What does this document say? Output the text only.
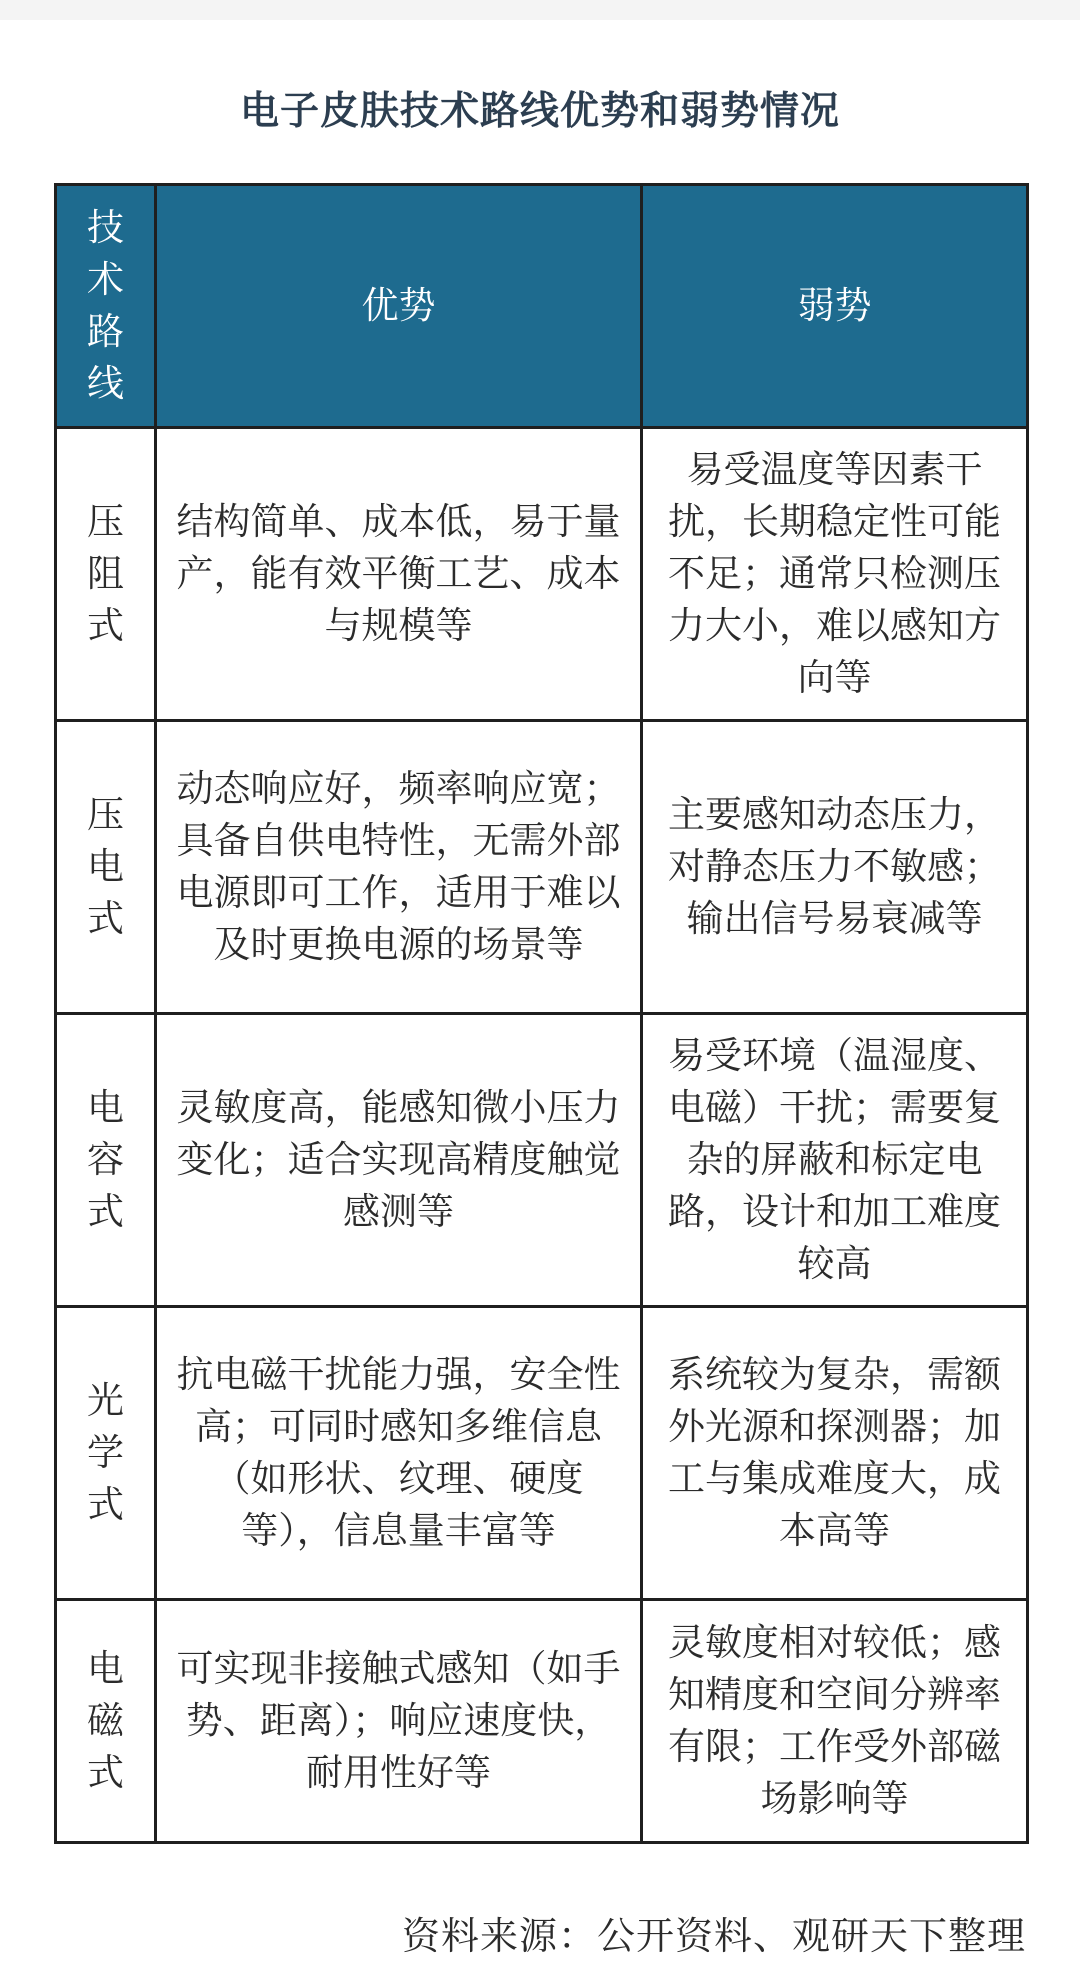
电子皮肤技术路线优势和弱势情况
技术路线	优势	弱势
压阻式	结构简单、成本低，易于量产，能有效平衡工艺、成本与规模等	易受温度等因素干扰，长期稳定性可能不足；通常只检测压力大小，难以感知方向等
压电式	动态响应好，频率响应宽；具备自供电特性，无需外部电源即可工作，适用于难以及时更换电源的场景等	主要感知动态压力，对静态压力不敏感；输出信号易衰减等
电容式	灵敏度高，能感知微小压力变化；适合实现高精度触觉感测等	易受环境（温湿度、电磁）干扰；需要复杂的屏蔽和标定电路，设计和加工难度较高
光学式	抗电磁干扰能力强，安全性高；可同时感知多维信息（如形状、纹理、硬度等），信息量丰富等	系统较为复杂，需额外光源和探测器；加工与集成难度大，成本高等
电磁式	可实现非接触式感知（如手势、距离）；响应速度快，耐用性好等	灵敏度相对较低；感知精度和空间分辨率有限；工作受外部磁场影响等
资料来源：公开资料、观研天下整理
